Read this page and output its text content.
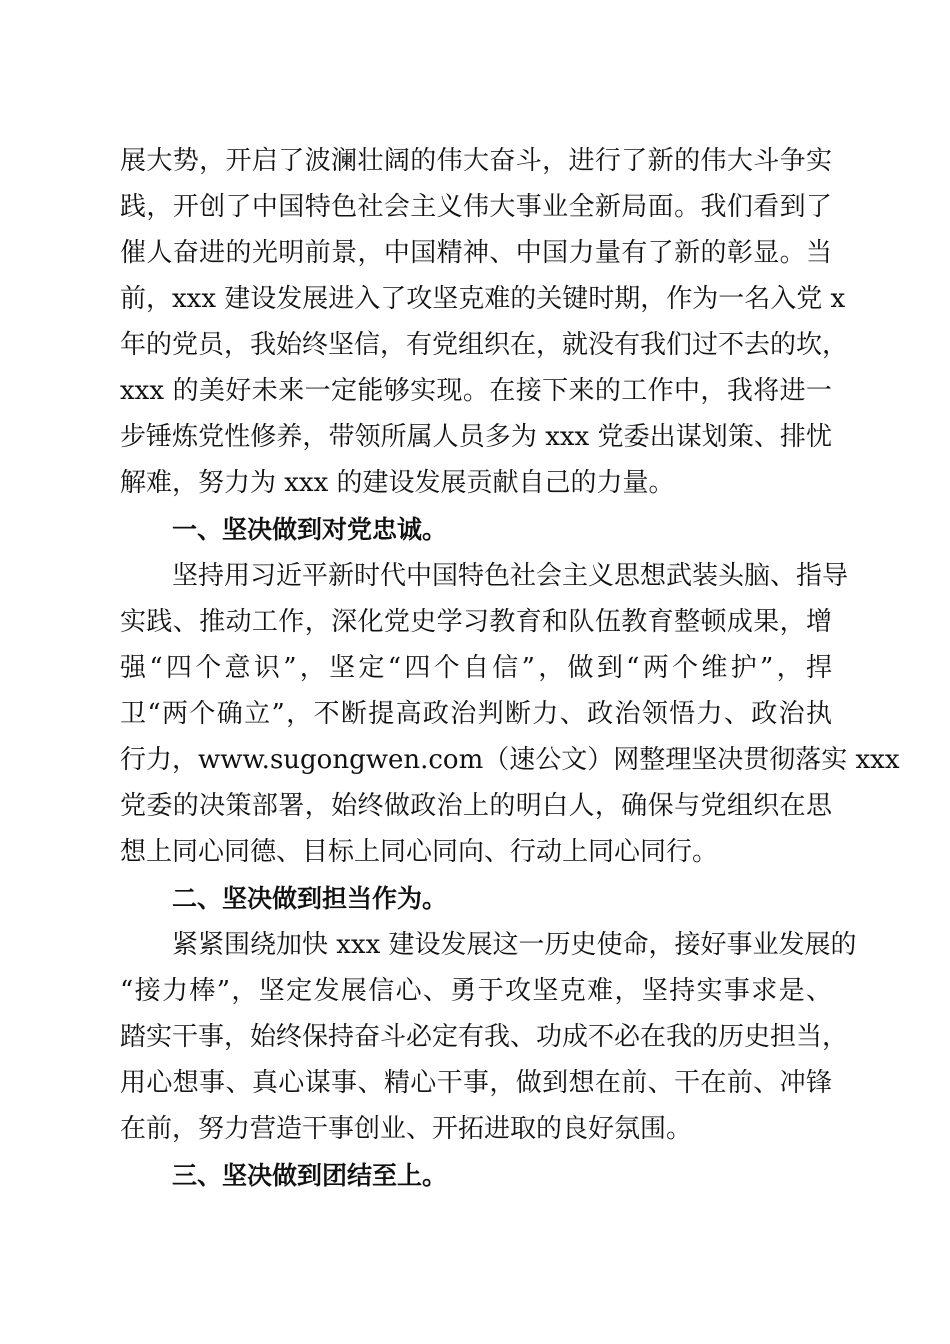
展大势，开启了波澜壮阔的伟大奋斗，进行了新的伟大斗争实
践，开创了中国特色社会主义伟大事业全新局面。我们看到了
催人奋进的光明前景，中国精神、中国力量有了新的彰显。当
前，xxx 建设发展进入了攻坚克难的关键时期，作为一名入党 x
年的党员，我始终坚信，有党组织在，就没有我们过不去的坎，
xxx 的美好未来一定能够实现。在接下来的工作中，我将进一
步锤炼党性修养，带领所属人员多为 xxx 党委出谋划策、排忧
解难，努力为 xxx 的建设发展贡献自己的力量。
一、坚决做到对党忠诚。
坚持用习近平新时代中国特色社会主义思想武装头脑、指导
实践、推动工作，深化党史学习教育和队伍教育整顿成果，增
强“四个意识”，坚定“四个自信”，做到“两个维护”，捍
卫“两个确立”，不断提高政治判断力、政治领悟力、政治执
行力，www.sugongwen.com（速公文）网整理坚决贯彻落实 xxx
党委的决策部署，始终做政治上的明白人，确保与党组织在思
想上同心同德、目标上同心同向、行动上同心同行。
二、坚决做到担当作为。
紧紧围绕加快 xxx 建设发展这一历史使命，接好事业发展的
“接力棒”，坚定发展信心、勇于攻坚克难，坚持实事求是、
踏实干事，始终保持奋斗必定有我、功成不必在我的历史担当，
用心想事、真心谋事、精心干事，做到想在前、干在前、冲锋
在前，努力营造干事创业、开拓进取的良好氛围。
三、坚决做到团结至上。
